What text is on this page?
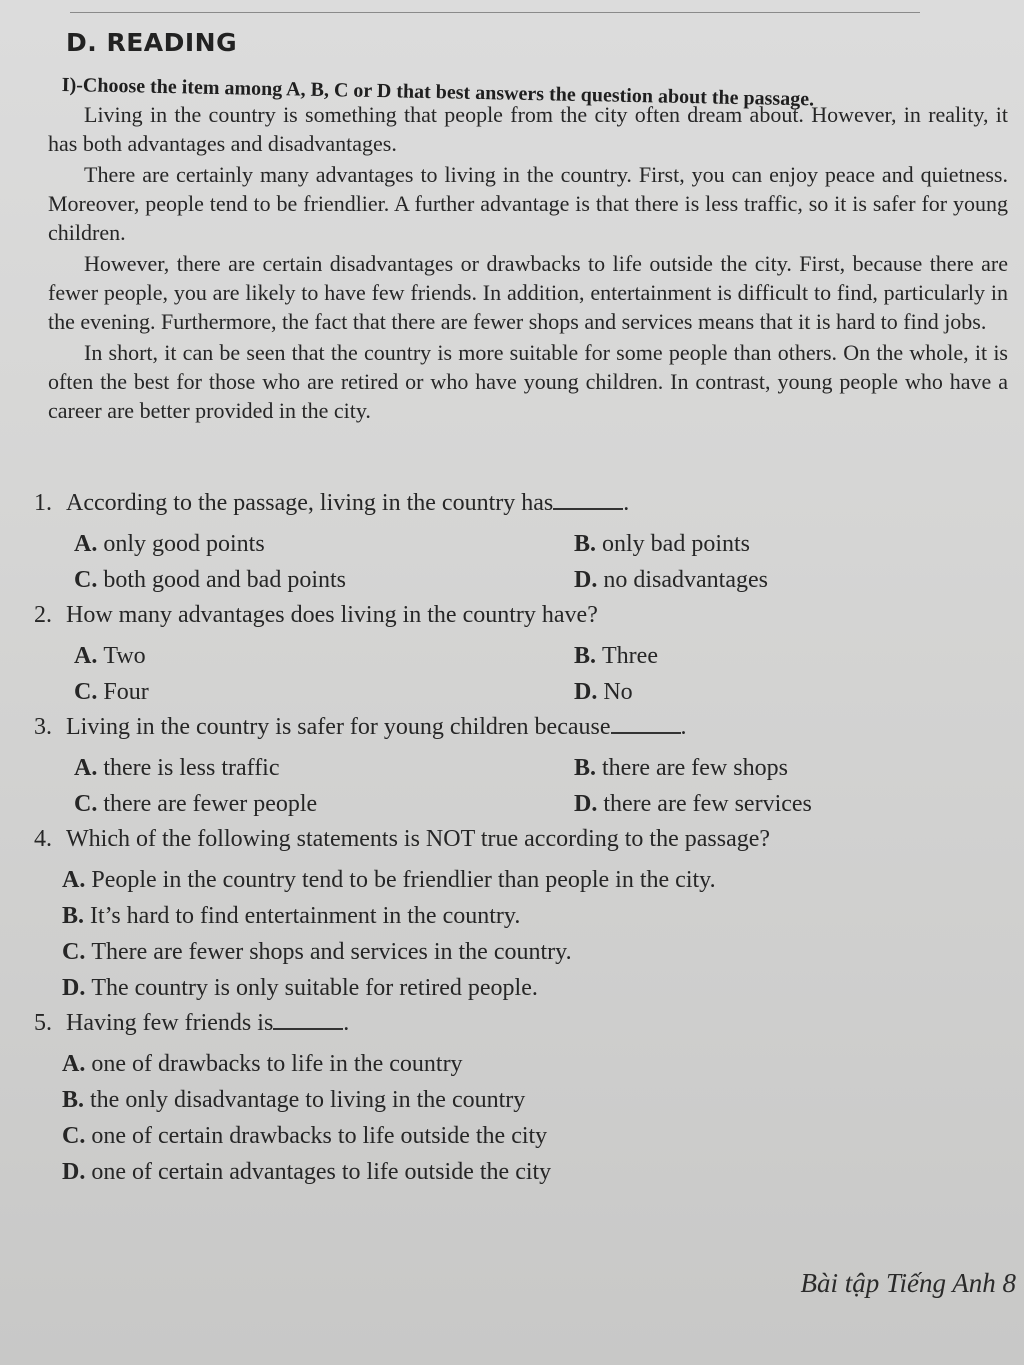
D. READING
I)-Choose the item among A, B, C or D that best answers the question about the passage.

Living in the country is something that people from the city often dream about. However, in reality, it has both advantages and disadvantages.

There are certainly many advantages to living in the country. First, you can enjoy peace and quietness. Moreover, people tend to be friendlier. A further advantage is that there is less traffic, so it is safer for young children.

However, there are certain disadvantages or drawbacks to life outside the city. First, because there are fewer people, you are likely to have few friends. In addition, entertainment is difficult to find, particularly in the evening. Furthermore, the fact that there are fewer shops and services means that it is hard to find jobs.

In short, it can be seen that the country is more suitable for some people than others. On the whole, it is often the best for those who are retired or who have young children. In contrast, young people who have a career are better provided in the city.

1. According to the passage, living in the country has	.
A. only good points	B. only bad points
C. both good and bad points	D. no disadvantages
2. How many advantages does living in the country have?
A. Two	B. Three
C. Four	D. No
3. Living in the country is safer for young children because	.
A. there is less traffic	B. there are few shops
C. there are fewer people	D. there are few services
4. Which of the following statements is NOT true according to the passage?
A. People in the country tend to be friendlier than people in the city.
B. It’s hard to find entertainment in the country.
C. There are fewer shops and services in the country.
D. The country is only suitable for retired people.
5. Having few friends is	.
A. one of drawbacks to life in the country
B. the only disadvantage to living in the country
C. one of certain drawbacks to life outside the city
D. one of certain advantages to life outside the city
Bài tập Tiếng Anh 8
